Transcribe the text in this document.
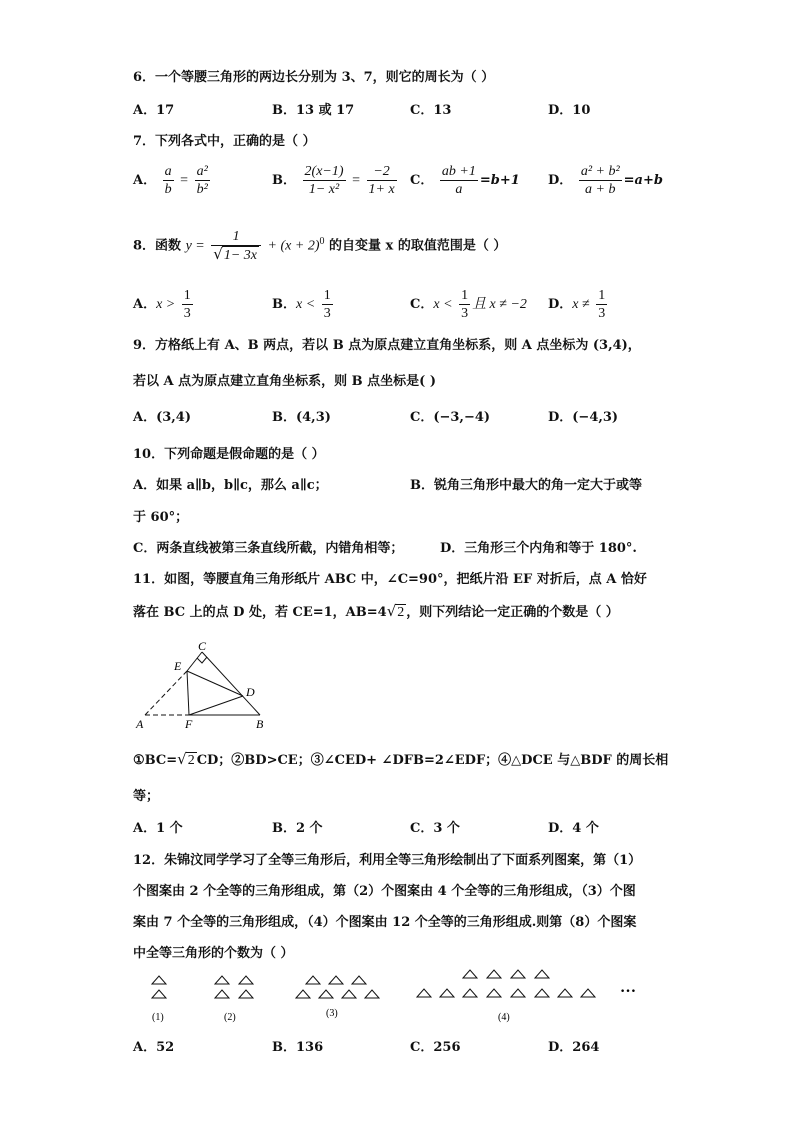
6．一个等腰三角形的两边长分别为 3、7，则它的周长为（ ）
A．17	B．13 或 17	C．13	D．10
7．下列各式中，正确的是（ ）
A． $\frac{a}{b} = \frac{\text{a²}}{\text{b²}}$	B． $\frac{2(x-1)}{\text{1− x²}} = \frac{-2}{1+ x}$ C． $\frac{ab +1}{a} =b+1$ D． $\frac{\text{a² + b²}}{a + b} =a+b$
8．函数 $y = \frac{1}{√1- 3x} + (x + 2)^0$ 的自变量 x 的取值范围是（ ）
A．$x > \frac{1}{3}$	B．$x < \frac{1}{3}$	C．$x < \frac{1}{3}$ 且 x ≠ −2 D．$x \ne \frac{1}{3}$
9．方格纸上有 A、B 两点，若以 B 点为原点建立直角坐标系，则 A 点坐标为 (3,4)，
若以 A 点为原点建立直角坐标系，则 B 点坐标是( )
A．(3,4)	B．(4,3)	C．(−3,−4)	D．(−4,3)
10．下列命题是假命题的是（ ）
A．如果 a∥b，b∥c，那么 a∥c；	B．锐角三角形中最大的角一定大于或等
于 60°；
C．两条直线被第三条直线所截，内错角相等；	D．三角形三个内角和等于 180°.
11．如图，等腰直角三角形纸片 ABC 中，∠C=90°，把纸片沿 EF 对折后，点 A 恰好
落在 BC 上的点 D 处，若 CE=1，AB=4√2 ，则下列结论一定正确的个数是（ ）
C
E
D
A	F	B
①BC=√2 CD；②BD>CE；③∠CED+ ∠DFB=2∠EDF；④△DCE 与△BDF 的周长相
等；
A．1 个	B．2 个	C．3 个	D．4 个
12．朱锦汶同学学习了全等三角形后，利用全等三角形绘制出了下面系列图案，第（1）
个图案由 2 个全等的三角形组成，第（2）个图案由 4 个全等的三角形组成，（3）个图
案由 7 个全等的三角形组成，（4）个图案由 12 个全等的三角形组成.则第（8）个图案
中全等三角形的个数为（ ）
(1)	(2)	(3)	(4)
…
A．52	B．136	C．256	D．264
